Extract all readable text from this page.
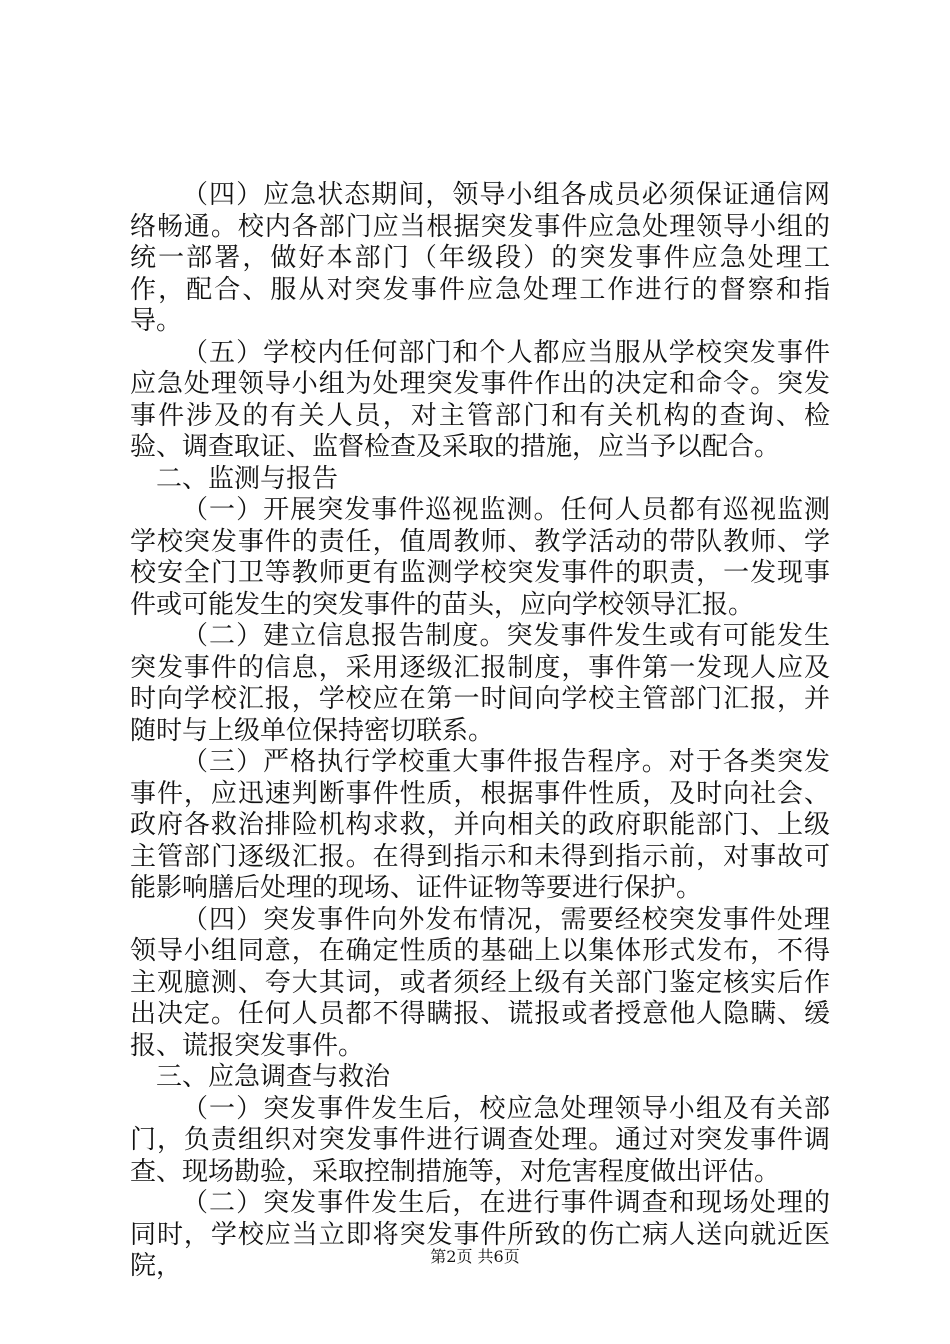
（四）应急状态期间，领导小组各成员必须保证通信网络畅通。校内各部门应当根据突发事件应急处理领导小组的统一部署，做好本部门（年级段）的突发事件应急处理工作，配合、服从对突发事件应急处理工作进行的督察和指导。

（五）学校内任何部门和个人都应当服从学校突发事件应急处理领导小组为处理突发事件作出的决定和命令。突发事件涉及的有关人员，对主管部门和有关机构的查询、检验、调查取证、监督检查及采取的措施，应当予以配合。

二、监测与报告

（一）开展突发事件巡视监测。任何人员都有巡视监测学校突发事件的责任，值周教师、教学活动的带队教师、学校安全门卫等教师更有监测学校突发事件的职责，一发现事件或可能发生的突发事件的苗头，应向学校领导汇报。

（二）建立信息报告制度。突发事件发生或有可能发生突发事件的信息，采用逐级汇报制度，事件第一发现人应及时向学校汇报，学校应在第一时间向学校主管部门汇报，并随时与上级单位保持密切联系。

（三）严格执行学校重大事件报告程序。对于各类突发事件，应迅速判断事件性质，根据事件性质，及时向社会、政府各救治排险机构求救，并向相关的政府职能部门、上级主管部门逐级汇报。在得到指示和未得到指示前，对事故可能影响膳后处理的现场、证件证物等要进行保护。

（四）突发事件向外发布情况，需要经校突发事件处理领导小组同意，在确定性质的基础上以集体形式发布，不得主观臆测、夸大其词，或者须经上级有关部门鉴定核实后作出决定。任何人员都不得瞒报、谎报或者授意他人隐瞒、缓报、谎报突发事件。

三、应急调查与救治

（一）突发事件发生后，校应急处理领导小组及有关部门，负责组织对突发事件进行调查处理。通过对突发事件调查、现场勘验，采取控制措施等，对危害程度做出评估。

（二）突发事件发生后，在进行事件调查和现场处理的同时，学校应当立即将突发事件所致的伤亡病人送向就近医院，	第2页 共6页
